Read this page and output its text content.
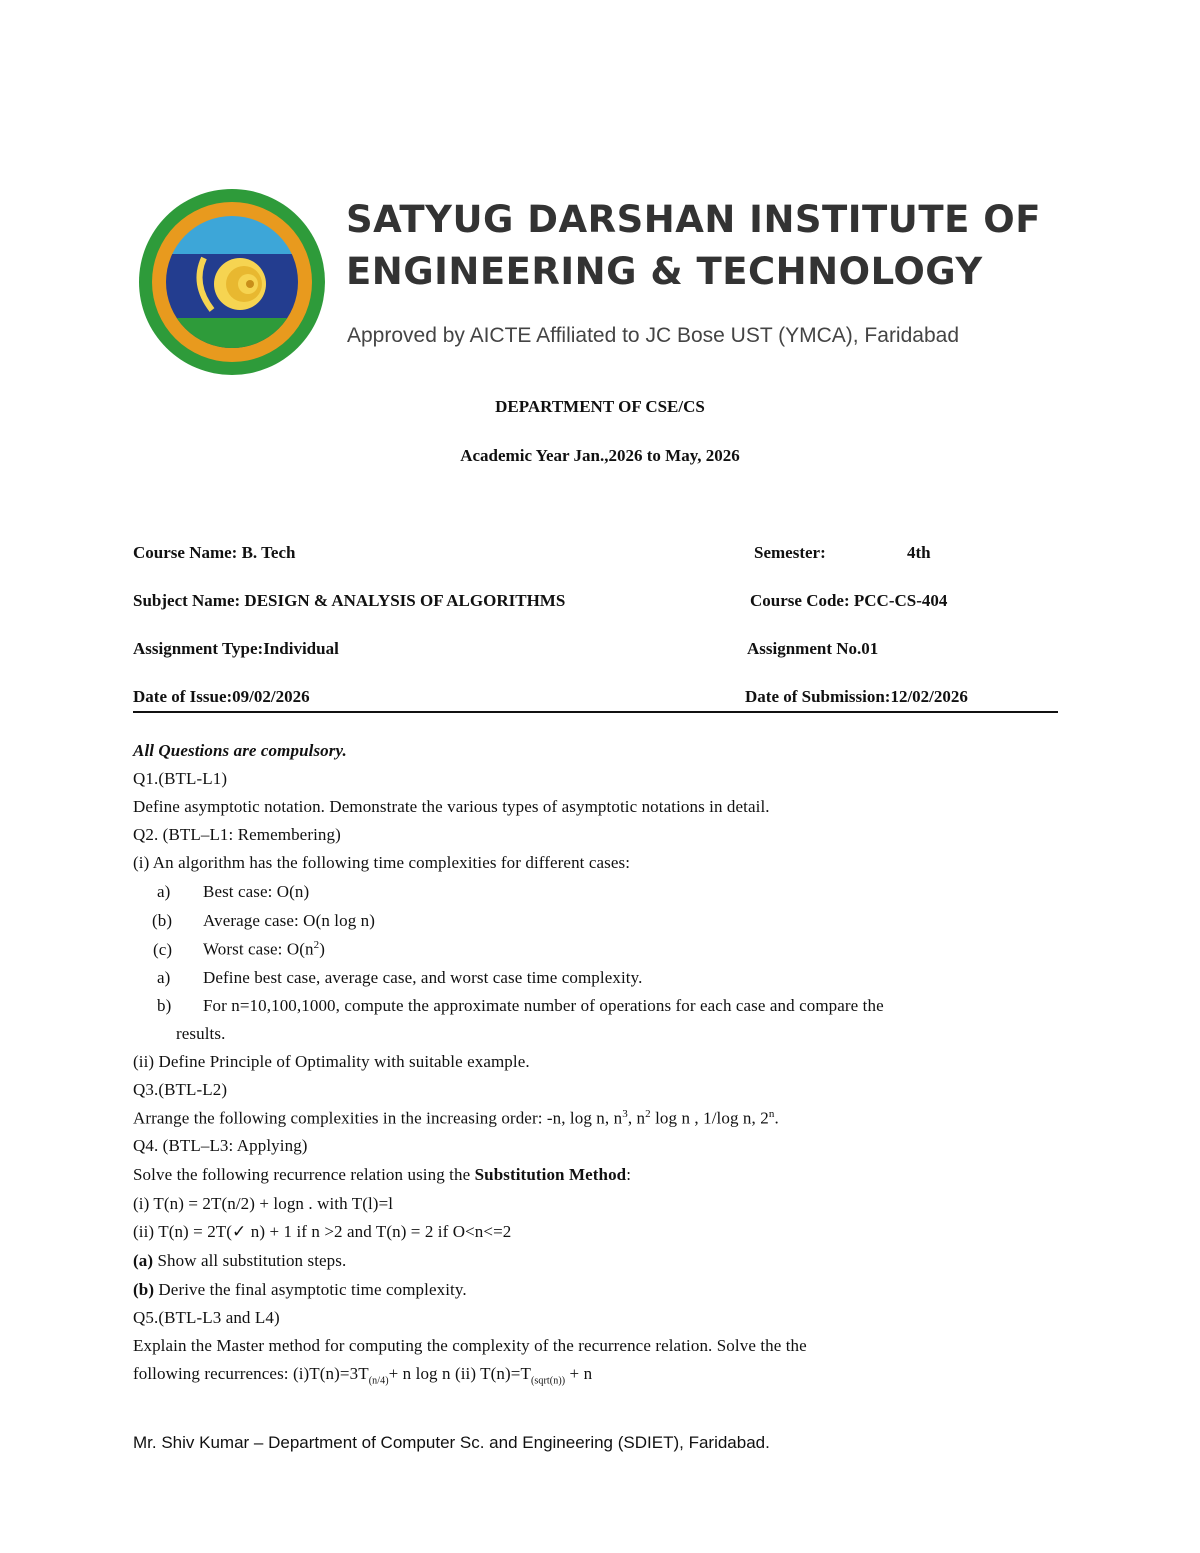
SATYUG DARSHAN INSTITUTE OF
ENGINEERING & TECHNOLOGY
Approved by AICTE Affiliated to JC Bose UST (YMCA), Faridabad
DEPARTMENT OF CSE/CS
Academic Year Jan.,2026 to May, 2026
Course Name: B. Tech	Semester:	4th
Subject Name: DESIGN & ANALYSIS OF ALGORITHMS	Course Code: PCC-CS-404
Assignment Type:Individual	Assignment No.01
Date of Issue:09/02/2026	Date of Submission:12/02/2026
All Questions are compulsory.
Q1.(BTL-L1)
Define asymptotic notation. Demonstrate the various types of asymptotic notations in detail.
Q2. (BTL–L1: Remembering)
(i) An algorithm has the following time complexities for different cases:
a) Best case: O(n)
(b) Average case: O(n log n)
(c) Worst case: $O(n^2)$
a) Define best case, average case, and worst case time complexity.
b) For n=10,100,1000, compute the approximate number of operations for each case and compare the
results.
(ii) Define Principle of Optimality with suitable example.
Q3.(BTL-L2)
Arrange the following complexities in the increasing order: -n, log n, $n^3$, $n^2$ log n , 1/log n, 2$^n$.
Q4. (BTL–L3: Applying)
Solve the following recurrence relation using the Substitution Method:
(i) T(n) = 2T(n/2) + logn . with T(l)=l
(ii) T(n) = 2T(✓ n) + 1 if n >2 and T(n) = 2 if O<n<=2
(a) Show all substitution steps.
(b) Derive the final asymptotic time complexity.
Q5.(BTL-L3 and L4)
Explain the Master method for computing the complexity of the recurrence relation. Solve the the
following recurrences: $(i)T(n)=3T_{(n/4)}+ n$ log n (ii) $T(n)=T_{(sqrt(n))} + n$
Mr. Shiv Kumar – Department of Computer Sc. and Engineering (SDIET), Faridabad.
